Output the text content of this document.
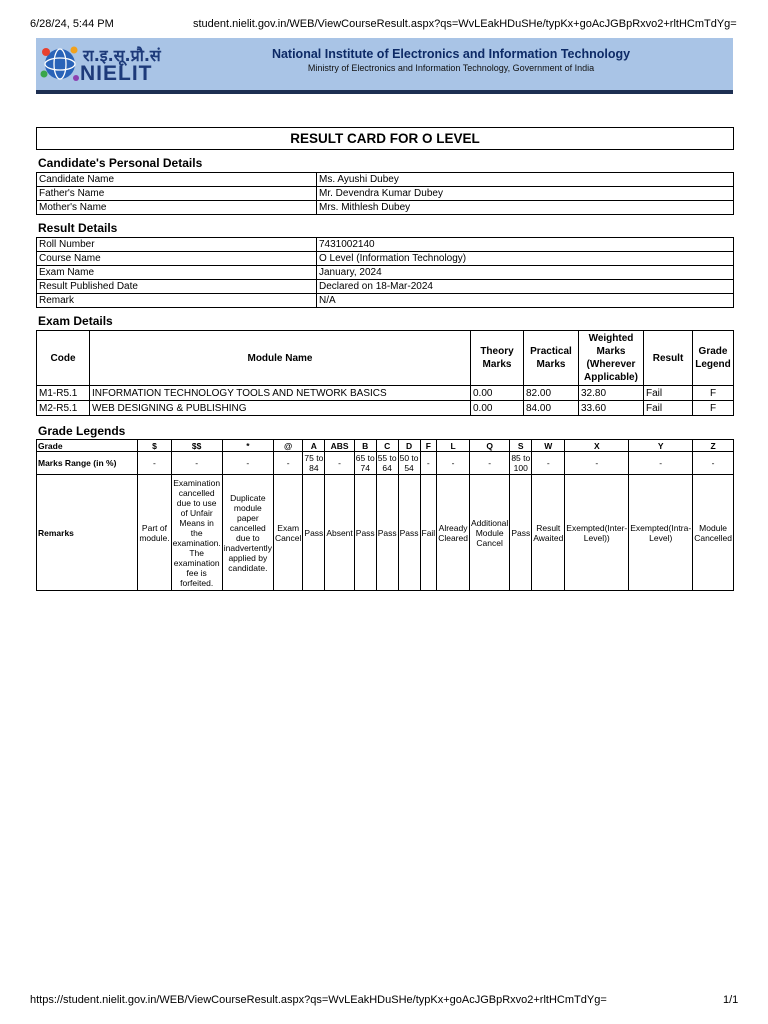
6/28/24, 5:44 PM	student.nielit.gov.in/WEB/ViewCourseResult.aspx?qs=WvLEakHDuSHe/typKx+goAcJGBpRxvo2+rltHCmTdYg=
रा.इ.सू.प्रौ.सं
NIELIT
National Institute of Electronics and Information Technology
Ministry of Electronics and Information Technology, Government of India
RESULT CARD FOR O LEVEL
Candidate's Personal Details
Candidate Name	Ms. Ayushi Dubey
Father's Name	Mr. Devendra Kumar Dubey
Mother's Name	Mrs. Mithlesh Dubey
Result Details
Roll Number	7431002140
Course Name	O Level (Information Technology)
Exam Name	January, 2024
Result Published Date	Declared on 18-Mar-2024
Remark	N/A
Exam Details
Code	Module Name	Theory Marks	Practical Marks	Weighted Marks (Wherever Applicable)	Result	Grade Legend
M1-R5.1	INFORMATION TECHNOLOGY TOOLS AND NETWORK BASICS	0.00	82.00	32.80	Fail	F
M2-R5.1	WEB DESIGNING & PUBLISHING	0.00	84.00	33.60	Fail	F
Grade Legends
Grade	$	$$	*	@	A	ABS	B	C	D	F	L	Q	S	W	X	Y	Z
Marks Range (in %)	-	-	-	-	75 to 84	-	65 to 74	55 to 64	50 to 54	-	-	-	85 to 100	-	-	-	-
Remarks	Part of module.	Examination cancelled due to use of Unfair Means in the examination. The examination fee is forfeited.	Duplicate module paper cancelled due to inadvertently applied by candidate.	Exam Cancel	Pass	Absent	Pass	Pass	Pass	Fail	Already Cleared	Additional Module Cancel	Pass	Result Awaited	Exempted(Inter-Level))	Exempted(Intra-Level)	Module Cancelled
https://student.nielit.gov.in/WEB/ViewCourseResult.aspx?qs=WvLEakHDuSHe/typKx+goAcJGBpRxvo2+rltHCmTdYg=	1/1
